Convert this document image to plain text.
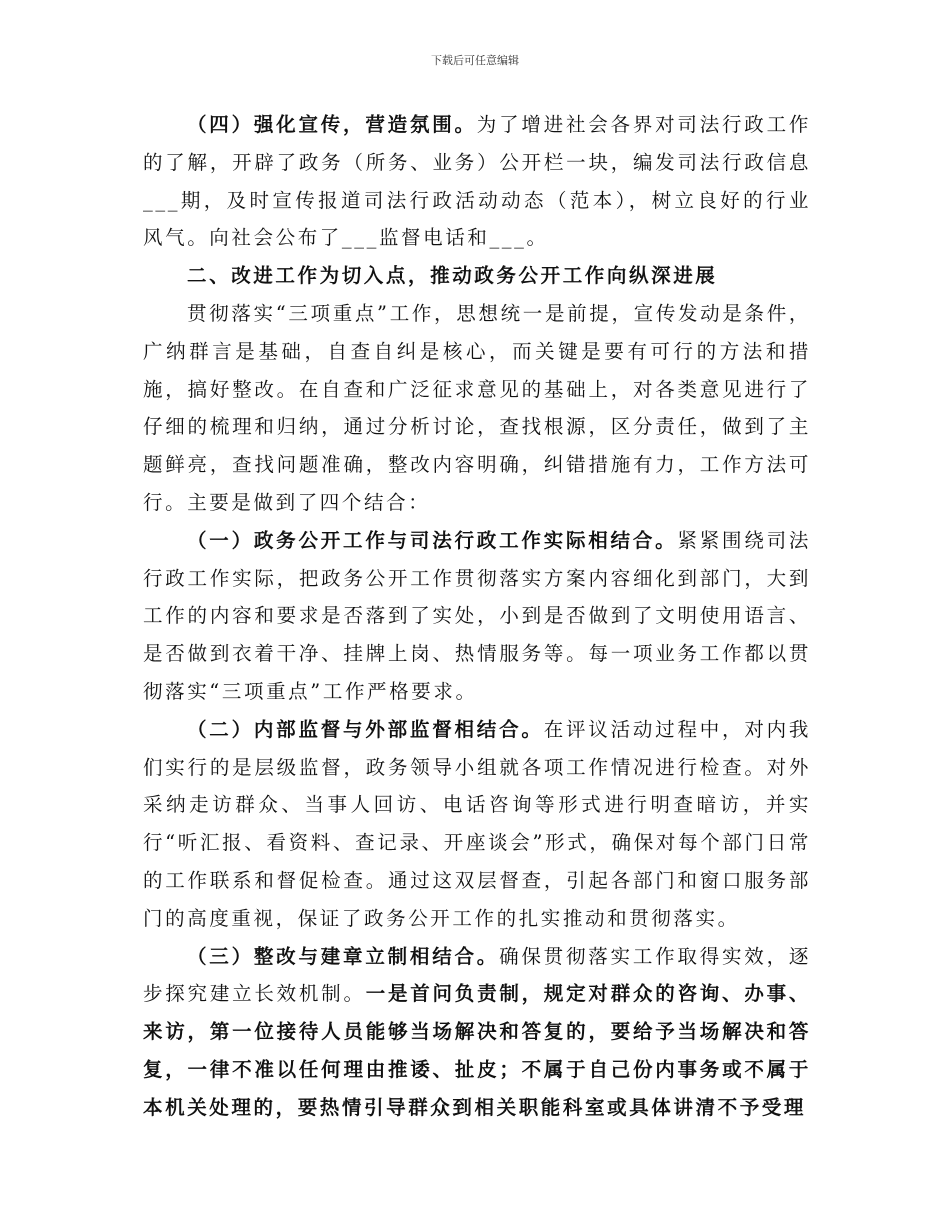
下载后可任意编辑

（四）强化宣传，营造氛围。为了增进社会各界对司法行政工作的了解，开辟了政务（所务、业务）公开栏一块，编发司法行政信息___期，及时宣传报道司法行政活动动态（范本），树立良好的行业风气。向社会公布了___监督电话和___。

二、改进工作为切入点，推动政务公开工作向纵深进展

贯彻落实“三项重点”工作，思想统一是前提，宣传发动是条件，广纳群言是基础，自查自纠是核心，而关键是要有可行的方法和措施，搞好整改。在自查和广泛征求意见的基础上，对各类意见进行了仔细的梳理和归纳，通过分析讨论，查找根源，区分责任，做到了主题鲜亮，查找问题准确，整改内容明确，纠错措施有力，工作方法可行。主要是做到了四个结合：

（一）政务公开工作与司法行政工作实际相结合。紧紧围绕司法行政工作实际，把政务公开工作贯彻落实方案内容细化到部门，大到工作的内容和要求是否落到了实处，小到是否做到了文明使用语言、是否做到衣着干净、挂牌上岗、热情服务等。每一项业务工作都以贯彻落实“三项重点”工作严格要求。

（二）内部监督与外部监督相结合。在评议活动过程中，对内我们实行的是层级监督，政务领导小组就各项工作情况进行检查。对外采纳走访群众、当事人回访、电话咨询等形式进行明查暗访，并实行“听汇报、看资料、查记录、开座谈会”形式，确保对每个部门日常的工作联系和督促检查。通过这双层督查，引起各部门和窗口服务部门的高度重视，保证了政务公开工作的扎实推动和贯彻落实。

（三）整改与建章立制相结合。确保贯彻落实工作取得实效，逐步探究建立长效机制。一是首问负责制，规定对群众的咨询、办事、来访，第一位接待人员能够当场解决和答复的，要给予当场解决和答复，一律不准以任何理由推诿、扯皮；不属于自己份内事务或不属于本机关处理的，要热情引导群众到相关职能科室或具体讲清不予受理
